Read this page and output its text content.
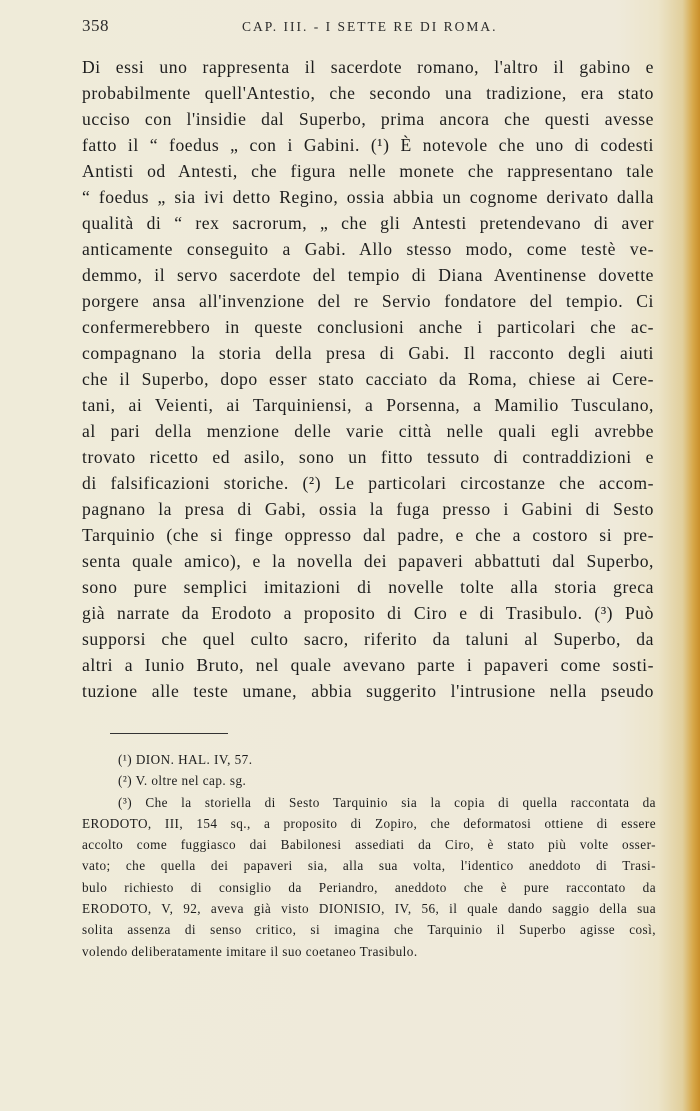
358	CAP. III. - I SETTE RE DI ROMA.
Di essi uno rappresenta il sacerdote romano, l'altro il gabino e
probabilmente quell'Antestio, che secondo una tradizione, era stato
ucciso con l'insidie dal Superbo, prima ancora che questi avesse
fatto il “ foedus „ con i Gabini. (¹) È notevole che uno di codesti
Antisti od Antesti, che figura nelle monete che rappresentano tale
“ foedus „ sia ivi detto Regino, ossia abbia un cognome derivato dalla
qualità di “ rex sacrorum, „ che gli Antesti pretendevano di aver
anticamente conseguito a Gabi. Allo stesso modo, come testè ve-
demmo, il servo sacerdote del tempio di Diana Aventinense dovette
porgere ansa all'invenzione del re Servio fondatore del tempio. Ci
confermerebbero in queste conclusioni anche i particolari che ac-
compagnano la storia della presa di Gabi. Il racconto degli aiuti
che il Superbo, dopo esser stato cacciato da Roma, chiese ai Cere-
tani, ai Veienti, ai Tarquiniensi, a Porsenna, a Mamilio Tusculano,
al pari della menzione delle varie città nelle quali egli avrebbe
trovato ricetto ed asilo, sono un fitto tessuto di contraddizioni e
di falsificazioni storiche. (²) Le particolari circostanze che accom-
pagnano la presa di Gabi, ossia la fuga presso i Gabini di Sesto
Tarquinio (che si finge oppresso dal padre, e che a costoro si pre-
senta quale amico), e la novella dei papaveri abbattuti dal Superbo,
sono pure semplici imitazioni di novelle tolte alla storia greca
già narrate da Erodoto a proposito di Ciro e di Trasibulo. (³) Può
supporsi che quel culto sacro, riferito da taluni al Superbo, da
altri a Iunio Bruto, nel quale avevano parte i papaveri come sosti-
tuzione alle teste umane, abbia suggerito l'intrusione nella pseudo
(¹) DION. HAL. IV, 57.
(²) V. oltre nel cap. sg.
(³) Che la storiella di Sesto Tarquinio sia la copia di quella raccontata da
ERODOTO, III, 154 sq., a proposito di Zopiro, che deformatosi ottiene di essere
accolto come fuggiasco dai Babilonesi assediati da Ciro, è stato più volte osser-
vato; che quella dei papaveri sia, alla sua volta, l'identico aneddoto di Trasi-
bulo richiesto di consiglio da Periandro, aneddoto che è pure raccontato da
ERODOTO, V, 92, aveva già visto DIONISIO, IV, 56, il quale dando saggio della sua
solita assenza di senso critico, si imagina che Tarquinio il Superbo agisse così,
volendo deliberatamente imitare il suo coetaneo Trasibulo.
